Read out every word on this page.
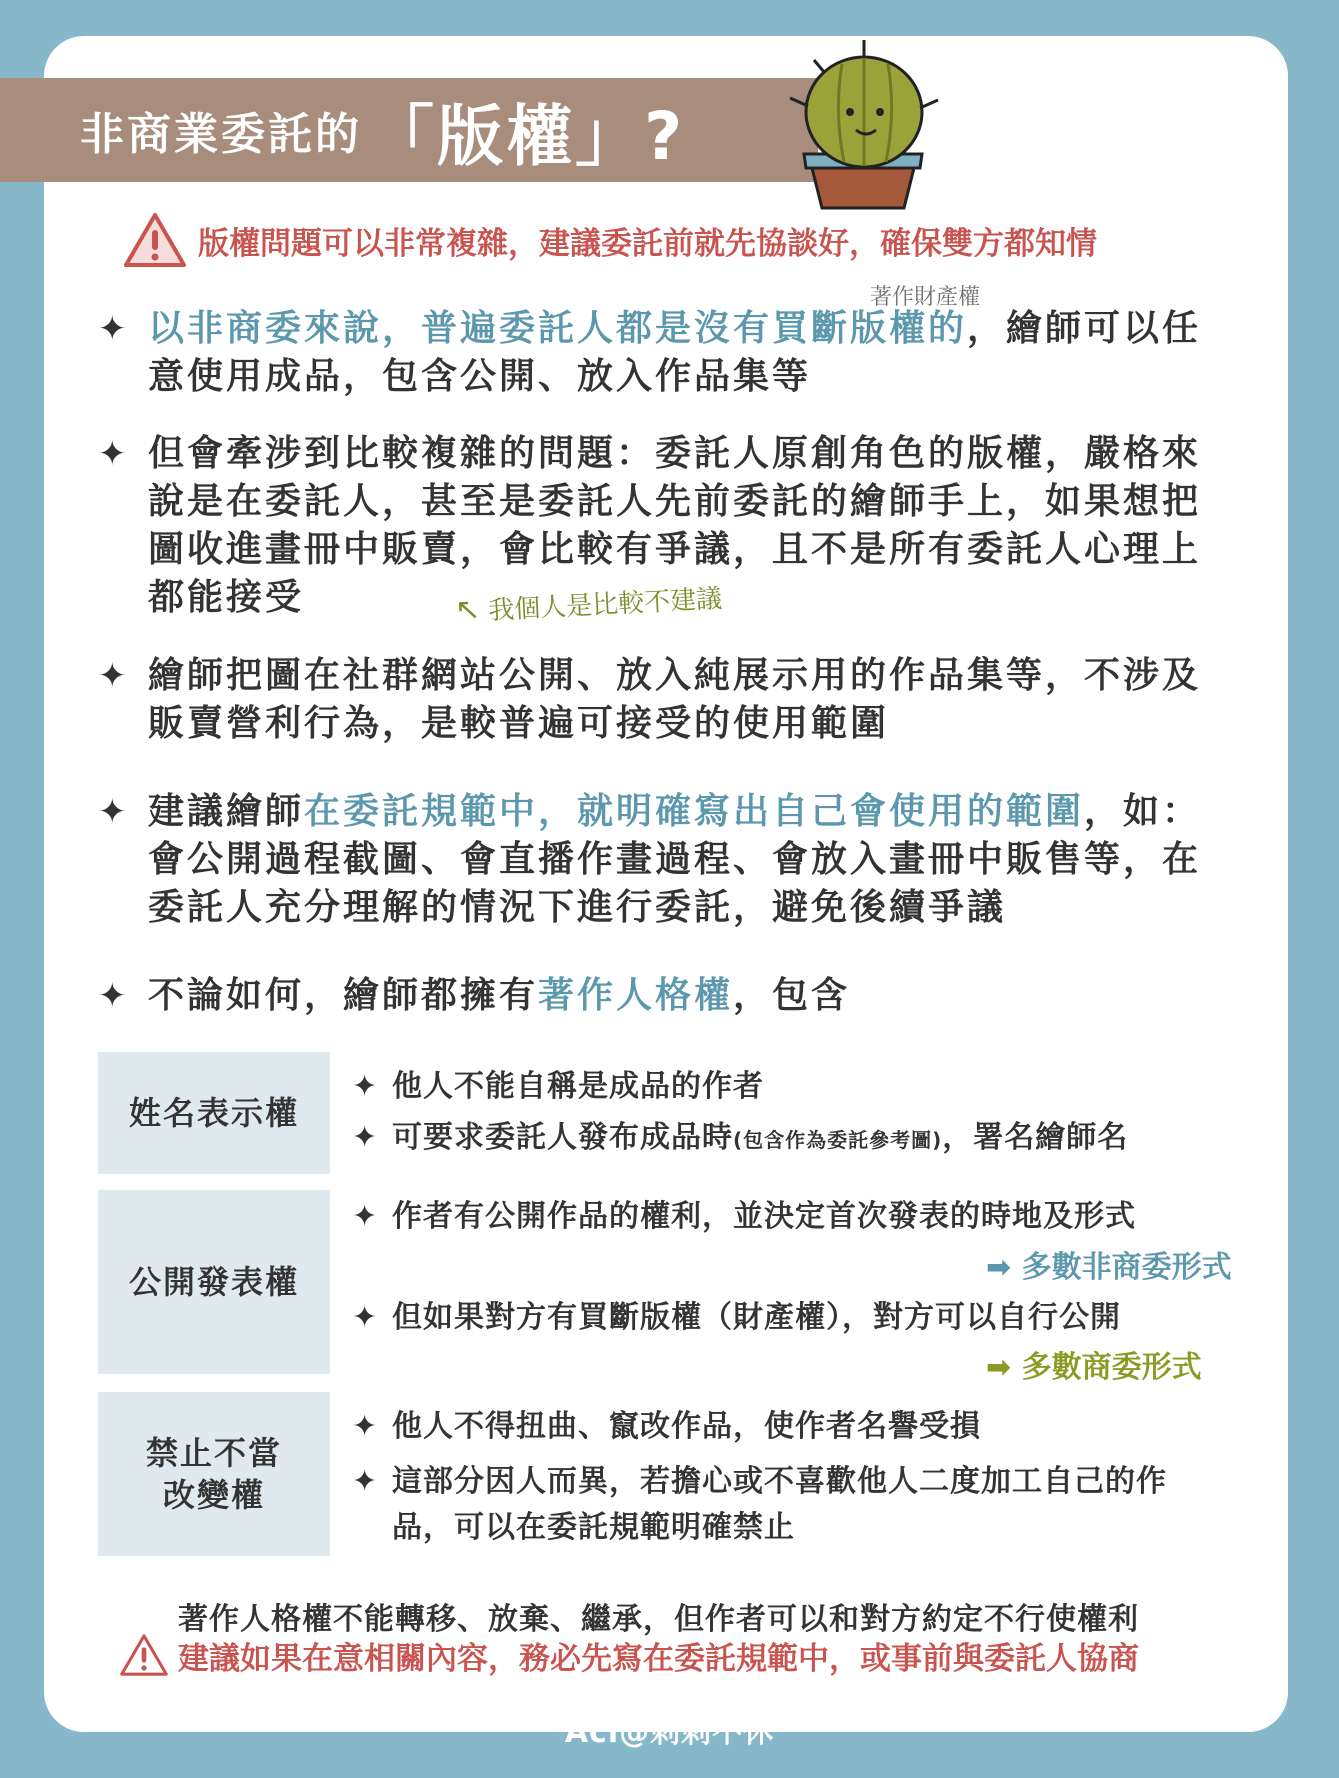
非商業委託的 「版權」?
版權問題可以非常複雜，建議委託前就先協談好，確保雙方都知情
著作財產權
✦ 以非商委來說，普遍委託人都是沒有買斷版權的，繪師可以任意使用成品，包含公開、放入作品集等
✦ 但會牽涉到比較複雜的問題：委託人原創角色的版權，嚴格來說是在委託人，甚至是委託人先前委託的繪師手上，如果想把圖收進畫冊中販賣，會比較有爭議，且不是所有委託人心理上都能接受	↖ 我個人是比較不建議
✦ 繪師把圖在社群網站公開、放入純展示用的作品集等，不涉及販賣營利行為，是較普遍可接受的使用範圍
✦ 建議繪師在委託規範中，就明確寫出自己會使用的範圍，如：會公開過程截圖、會直播作畫過程、會放入畫冊中販售等，在委託人充分理解的情況下進行委託，避免後續爭議
✦ 不論如何，繪師都擁有著作人格權，包含
姓名表示權
✦ 他人不能自稱是成品的作者
✦ 可要求委託人發布成品時(包含作為委託參考圖)，署名繪師名
公開發表權
✦ 作者有公開作品的權利，並決定首次發表的時地及形式
➡ 多數非商委形式
✦ 但如果對方有買斷版權（財產權），對方可以自行公開
➡ 多數商委形式
禁止不當
改變權
✦ 他人不得扭曲、竄改作品，使作者名譽受損
✦ 這部分因人而異，若擔心或不喜歡他人二度加工自己的作
品，可以在委託規範明確禁止
著作人格權不能轉移、放棄、繼承，但作者可以和對方約定不行使權利
建議如果在意相關內容，務必先寫在委託規範中，或事前與委託人協商
Aci@刺刺不休
